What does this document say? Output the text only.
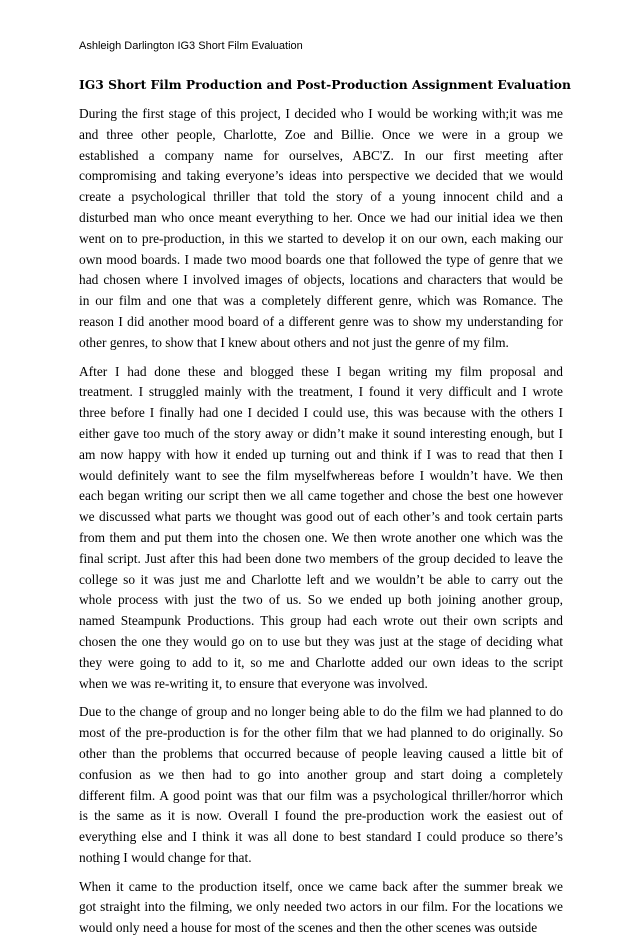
Ashleigh Darlington IG3 Short Film Evaluation
IG3 Short Film Production and Post-Production Assignment Evaluation

During the first stage of this project, I decided who I would be working with;it was me
and three other people, Charlotte, Zoe and Billie. Once we were in a group we
established a company name for ourselves, ABC'Z. In our first meeting after
compromising and taking everyone’s ideas into perspective we decided that we would
create a psychological thriller that told the story of a young innocent child and a
disturbed man who once meant everything to her. Once we had our initial idea we then
went on to pre-production, in this we started to develop it on our own, each making our
own mood boards. I made two mood boards one that followed the type of genre that we
had chosen where I involved images of objects, locations and characters that would be
in our film and one that was a completely different genre, which was Romance. The
reason I did another mood board of a different genre was to show my understanding for
other genres, to show that I knew about others and not just the genre of my film.

After I had done these and blogged these I began writing my film proposal and
treatment. I struggled mainly with the treatment, I found it very difficult and I wrote
three before I finally had one I decided I could use, this was because with the others I
either gave too much of the story away or didn’t make it sound interesting enough, but I
am now happy with how it ended up turning out and think if I was to read that then I
would definitely want to see the film myselfwhereas before I wouldn’t have. We then
each began writing our script then we all came together and chose the best one however
we discussed what parts we thought was good out of each other’s and took certain parts
from them and put them into the chosen one. We then wrote another one which was the
final script. Just after this had been done two members of the group decided to leave the
college so it was just me and Charlotte left and we wouldn’t be able to carry out the
whole process with just the two of us. So we ended up both joining another group,
named Steampunk Productions. This group had each wrote out their own scripts and
chosen the one they would go on to use but they was just at the stage of deciding what
they were going to add to it, so me and Charlotte added our own ideas to the script
when we was re-writing it, to ensure that everyone was involved.

Due to the change of group and no longer being able to do the film we had planned to do
most of the pre-production is for the other film that we had planned to do originally. So
other than the problems that occurred because of people leaving caused a little bit of
confusion as we then had to go into another group and start doing a completely
different film. A good point was that our film was a psychological thriller/horror which
is the same as it is now. Overall I found the pre-production work the easiest out of
everything else and I think it was all done to best standard I could produce so there’s
nothing I would change for that.

When it came to the production itself, once we came back after the summer break we
got straight into the filming, we only needed two actors in our film. For the locations we
would only need a house for most of the scenes and then the other scenes was outside
